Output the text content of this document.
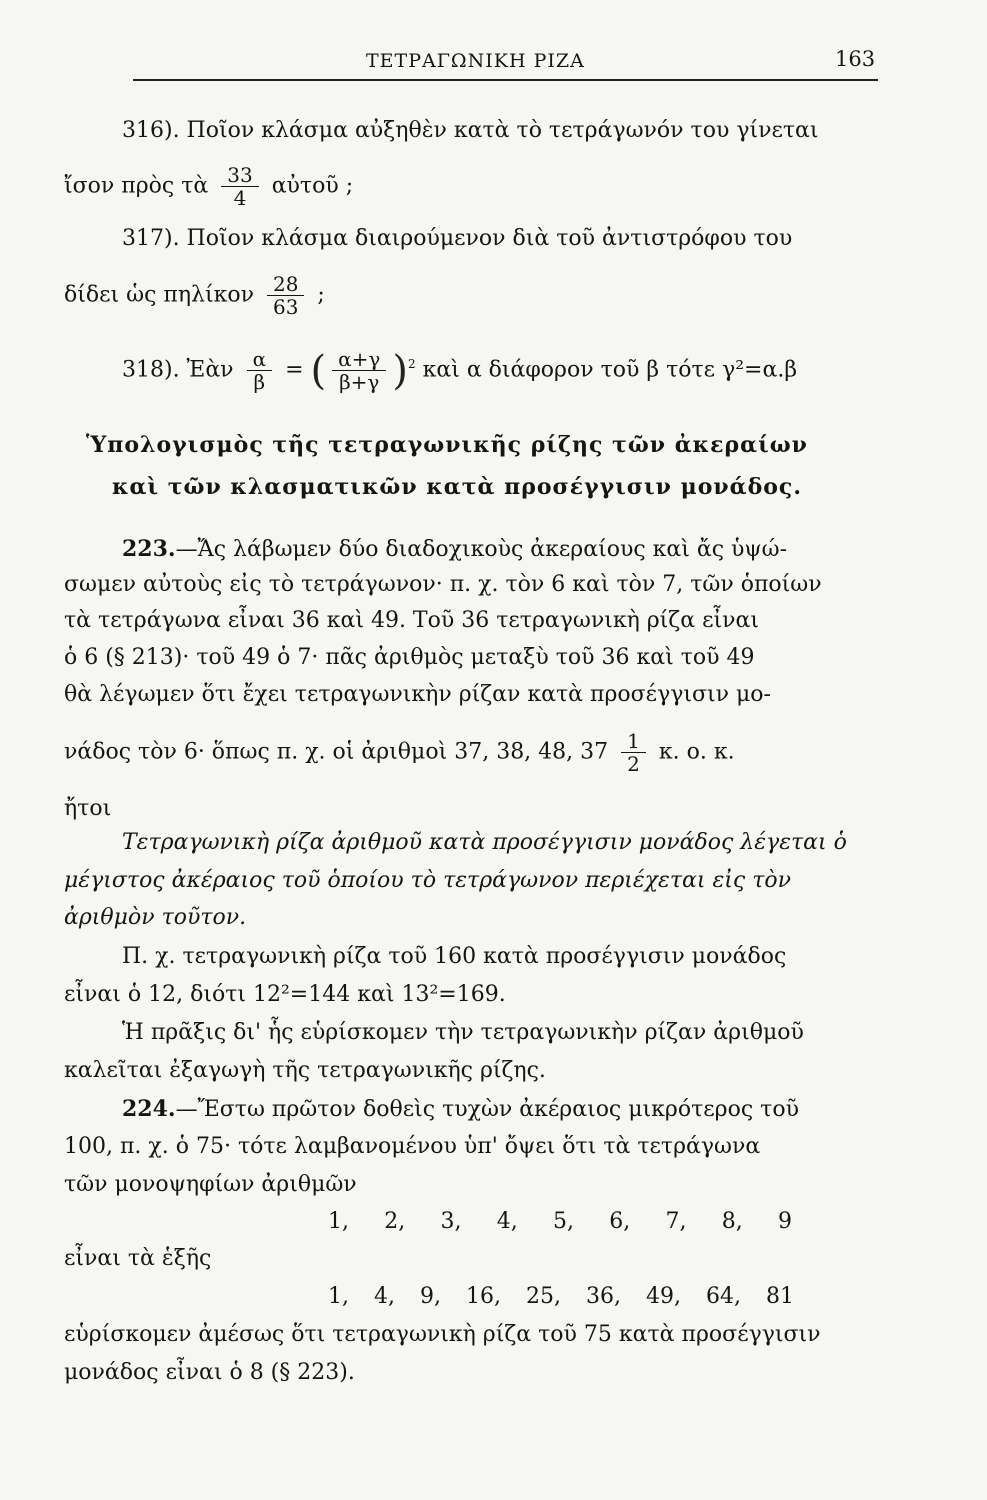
ΤΕΤΡΑΓΩΝΙΚΗ ΡΙΖΑ	163
316). Ποῖον κλάσμα αὐξηθὲν κατὰ τὸ τετράγωνόν του γίνεται
ἴσον πρὸς τὰ $\frac{33}{4}$ αὐτοῦ ;
317). Ποῖον κλάσμα διαιρούμενον διὰ τοῦ ἀντιστρόφου του
δίδει ὡς πηλίκον $\frac{28}{63}$ ;
318). Ἐὰν $\frac{\alpha}{\beta}$ = ( $\frac{\alpha+\gamma}{\beta+\gamma} )^2$ καὶ α διάφορον τοῦ β τότε γ²=α.β
Ὑπολογισμὸς τῆς τετραγωνικῆς ρίζης τῶν ἀκεραίων
καὶ τῶν κλασματικῶν κατὰ προσέγγισιν μονάδος.
223.—Ἄς λάβωμεν δύο διαδοχικοὺς ἀκεραίους καὶ ἄς ὑψώ-
σωμεν αὐτοὺς εἰς τὸ τετράγωνον· π. χ. τὸν 6 καὶ τὸν 7, τῶν ὁποίων
τὰ τετράγωνα εἶναι 36 καὶ 49. Τοῦ 36 τετραγωνικὴ ρίζα εἶναι
ὁ 6 (§ 213)· τοῦ 49 ὁ 7· πᾶς ἀριθμὸς μεταξὺ τοῦ 36 καὶ τοῦ 49
θὰ λέγωμεν ὅτι ἔχει τετραγωνικὴν ρίζαν κατὰ προσέγγισιν μο-
νάδος τὸν 6· ὅπως π. χ. οἱ ἀριθμοὶ 37, 38, 48, $37 \frac{1}{2} \kappa$. ο. κ.
ἤτοι
Τετραγωνικὴ ρίζα ἀριθμοῦ κατὰ προσέγγισιν μονάδος λέγεται ὁ
μέγιστος ἀκέραιος τοῦ ὁποίου τὸ τετράγωνον περιέχεται εἰς τὸν
ἀριθμὸν τοῦτον.
Π. χ. τετραγωνικὴ ρίζα τοῦ 160 κατὰ προσέγγισιν μονάδος
εἶναι ὁ 12, διότι 12²=144 καὶ 13²=169.
Ἡ πρᾶξις δι' ἧς εὑρίσκομεν τὴν τετραγωνικὴν ρίζαν ἀριθμοῦ
καλεῖται ἐξαγωγὴ τῆς τετραγωνικῆς ρίζης.
224.—Ἔστω πρῶτον δοθεὶς τυχὼν ἀκέραιος μικρότερος τοῦ
100, π. χ. ὁ 75· τότε λαμβανομένου ὑπ' ὄψει ὅτι τὰ τετράγωνα
τῶν μονοψηφίων ἀριθμῶν
1, 2, 3, 4, 5, 6, 7, 8, 9
εἶναι τὰ ἑξῆς
1, 4, 9, 16, 25, 36, 49, 64, 81
εὑρίσκομεν ἀμέσως ὅτι τετραγωνικὴ ρίζα τοῦ 75 κατὰ προσέγγισιν
μονάδος εἶναι ὁ 8 (§ 223).
